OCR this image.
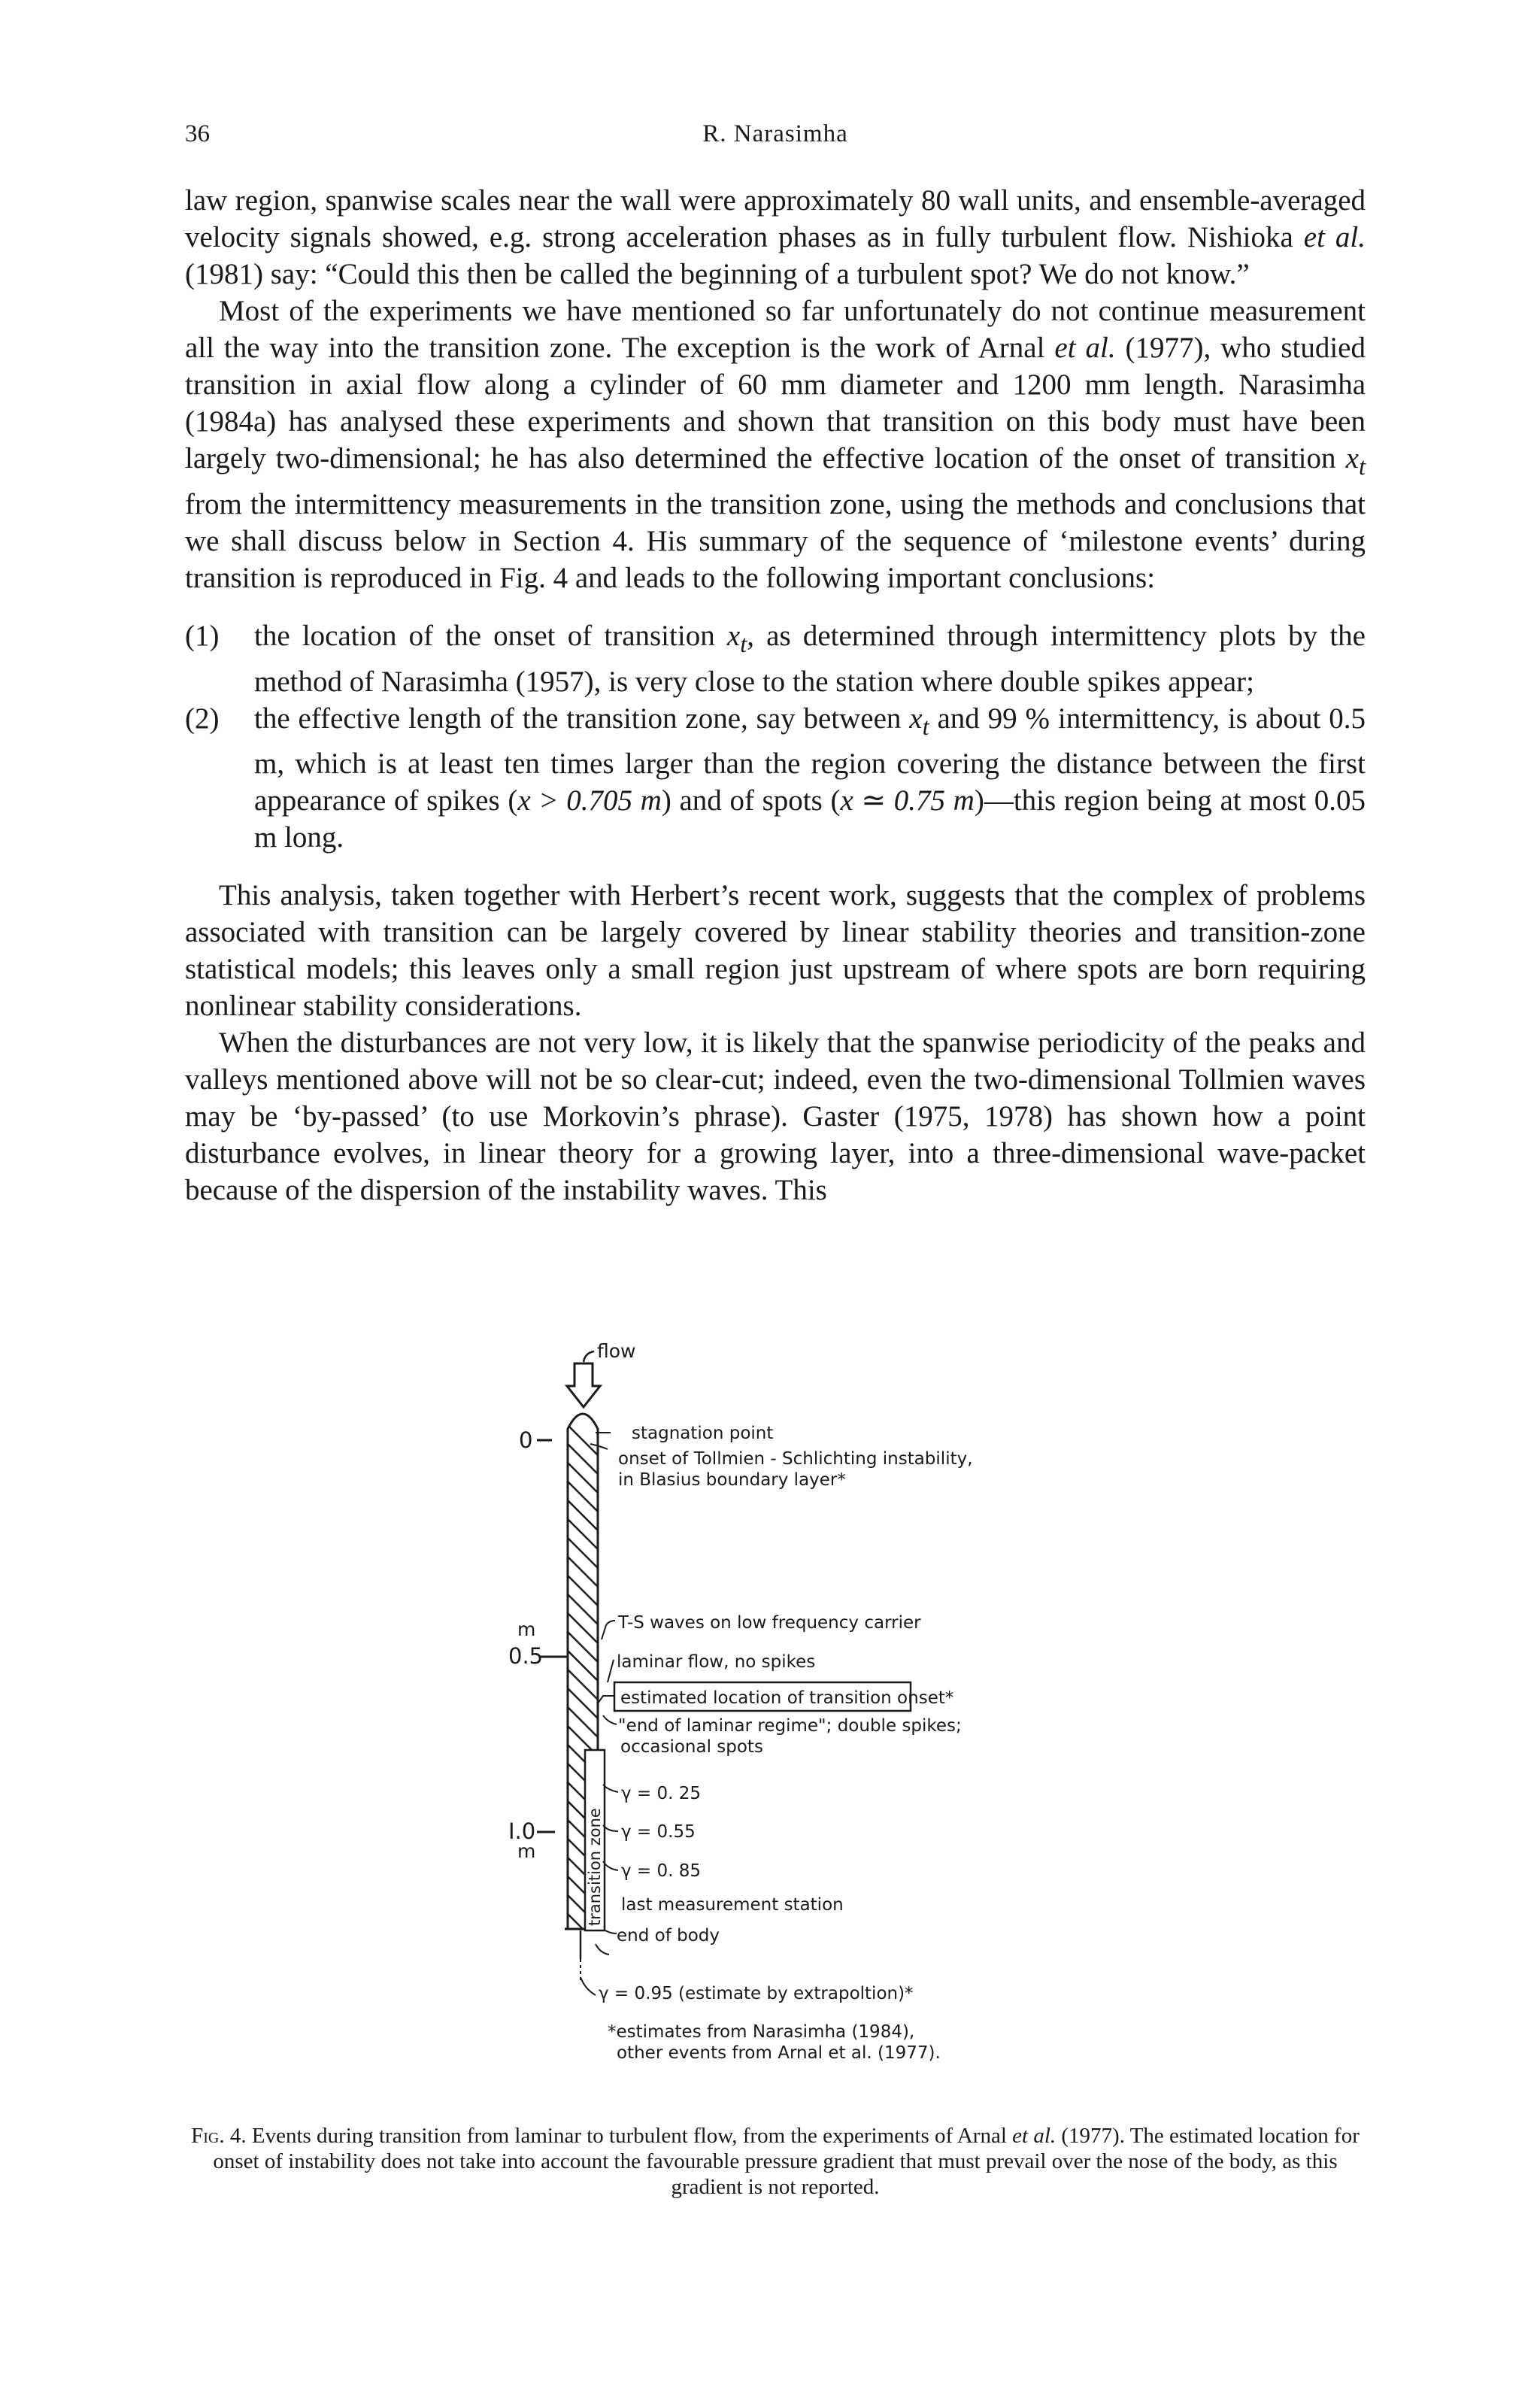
36	R. Narasimha

law region, spanwise scales near the wall were approximately 80 wall units, and ensemble-averaged velocity signals showed, e.g. strong acceleration phases as in fully turbulent flow. Nishioka et al. (1981) say: “Could this then be called the beginning of a turbulent spot? We do not know.”

Most of the experiments we have mentioned so far unfortunately do not continue measurement all the way into the transition zone. The exception is the work of Arnal et al. (1977), who studied transition in axial flow along a cylinder of 60 mm diameter and 1200 mm length. Narasimha (1984a) has analysed these experiments and shown that transition on this body must have been largely two-dimensional; he has also determined the effective location of the onset of transition $x_t$ from the intermittency measurements in the transition zone, using the methods and conclusions that we shall discuss below in Section 4. His summary of the sequence of ‘milestone events’ during transition is reproduced in Fig. 4 and leads to the following important conclusions:

(1) the location of the onset of transition $x_t$, as determined through intermittency plots by the method of Narasimha (1957), is very close to the station where double spikes appear;
(2) the effective length of the transition zone, say between $x_t$ and 99 % intermittency, is about 0.5 m, which is at least ten times larger than the region covering the distance between the first appearance of spikes (x > 0.705 m) and of spots (x ≃ 0.75 m)—this region being at most 0.05 m long.

This analysis, taken together with Herbert’s recent work, suggests that the complex of problems associated with transition can be largely covered by linear stability theories and transition-zone statistical models; this leaves only a small region just upstream of where spots are born requiring nonlinear stability considerations.

When the disturbances are not very low, it is likely that the spanwise periodicity of the peaks and valleys mentioned above will not be so clear-cut; indeed, even the two-dimensional Tollmien waves may be ‘by-passed’ (to use Morkovin’s phrase). Gaster (1975, 1978) has shown how a point disturbance evolves, in linear theory for a growing layer, into a three-dimensional wave-packet because of the dispersion of the instability waves. This

flow
0
m
0.5
I.0
m	transition zone
stagnation point
onset of Tollmien - Schlichting instability,
in Blasius boundary layer*
T-S waves on low frequency carrier
laminar flow, no spikes
estimated location of transition onset*
"end of laminar regime"; double spikes;
occasional spots
γ = 0. 25
γ = 0.55
γ = 0. 85
last measurement station
end of body
γ = 0.95 (estimate by extrapoltion)*
*estimates from Narasimha (1984),
other events from Arnal et al. (1977).

Fig. 4. Events during transition from laminar to turbulent flow, from the experiments of Arnal et al. (1977). The estimated location for onset of instability does not take into account the favourable pressure gradient that must prevail over the nose of the body, as this gradient is not reported.
